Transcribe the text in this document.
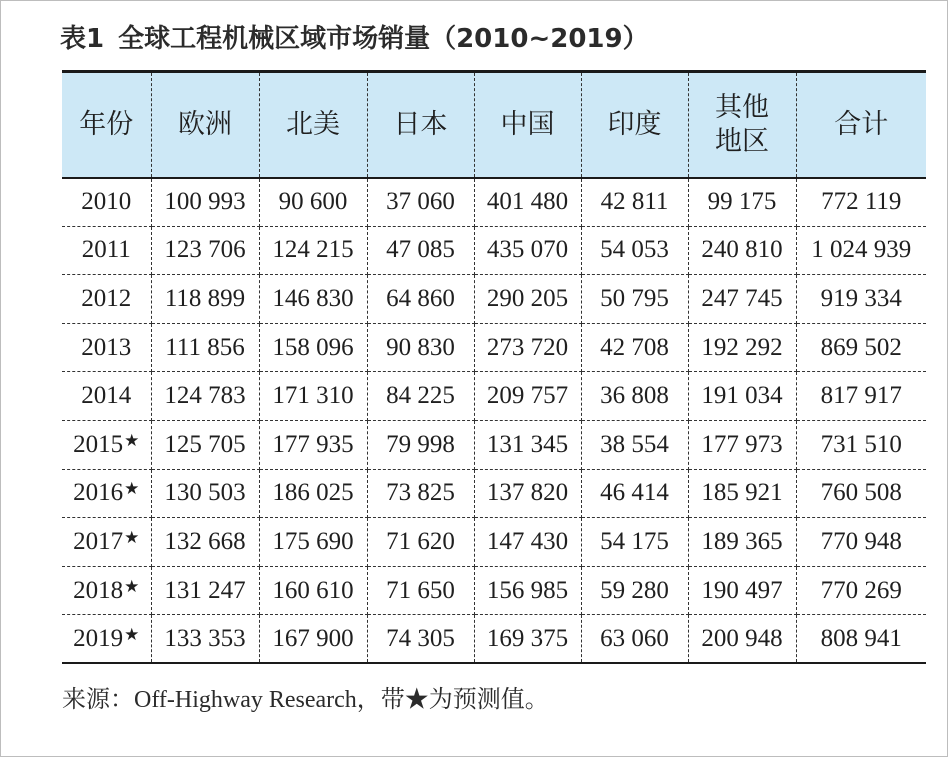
表1 全球工程机械区域市场销量（2010~2019）
年份	欧洲	北美	日本	中国	印度	其他地区	合计
2010	100 993	90 600	37 060	401 480	42 811	99 175	772 119
2011	123 706	124 215	47 085	435 070	54 053	240 810	1 024 939
2012	118 899	146 830	64 860	290 205	50 795	247 745	919 334
2013	111 856	158 096	90 830	273 720	42 708	192 292	869 502
2014	124 783	171 310	84 225	209 757	36 808	191 034	817 917
2015★	125 705	177 935	79 998	131 345	38 554	177 973	731 510
2016★	130 503	186 025	73 825	137 820	46 414	185 921	760 508
2017★	132 668	175 690	71 620	147 430	54 175	189 365	770 948
2018★	131 247	160 610	71 650	156 985	59 280	190 497	770 269
2019★	133 353	167 900	74 305	169 375	63 060	200 948	808 941
来源：Off-Highway Research，带★为预测值。
